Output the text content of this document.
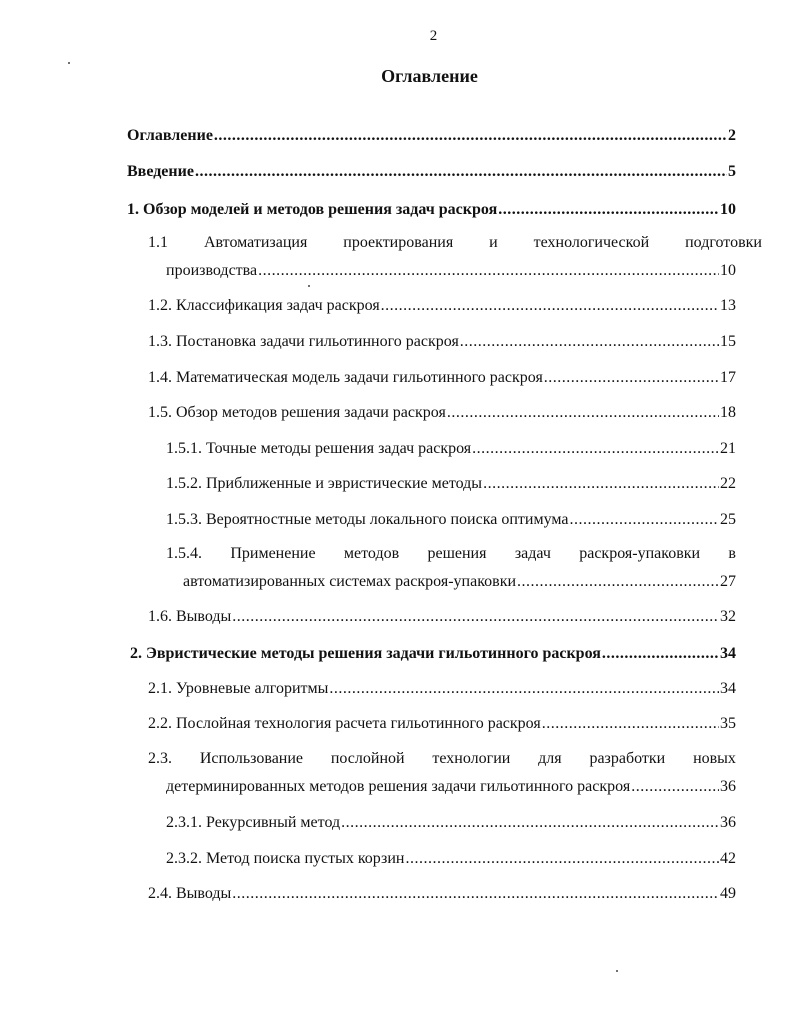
2
Оглавление
Оглавление .....	2
Введение .....	5
1. Обзор моделей и методов решения задач раскроя .....	10
1.1 Автоматизация проектирования и технологической подготовки
производства .....	10
1.2. Классификация задач раскроя .....	13
1.3. Постановка задачи гильотинного раскроя .....	15
1.4. Математическая модель задачи гильотинного раскроя .....	17
1.5. Обзор методов решения задачи раскроя .....	18
1.5.1. Точные методы решения задач раскроя .....	21
1.5.2. Приближенные и эвристические методы .....	22
1.5.3. Вероятностные методы локального поиска оптимума .....	25
1.5.4. Применение методов решения задач раскроя-упаковки в
автоматизированных системах раскроя-упаковки .....	27
1.6. Выводы .....	32
2. Эвристические методы решения задачи гильотинного раскроя .....	34
2.1. Уровневые алгоритмы .....	34
2.2. Послойная технология расчета гильотинного раскроя .....	35
2.3. Использование послойной технологии для разработки новых
детерминированных методов решения задачи гильотинного раскроя .....	36
2.3.1. Рекурсивный метод .....	36
2.3.2. Метод поиска пустых корзин .....	42
2.4. Выводы .....	49
